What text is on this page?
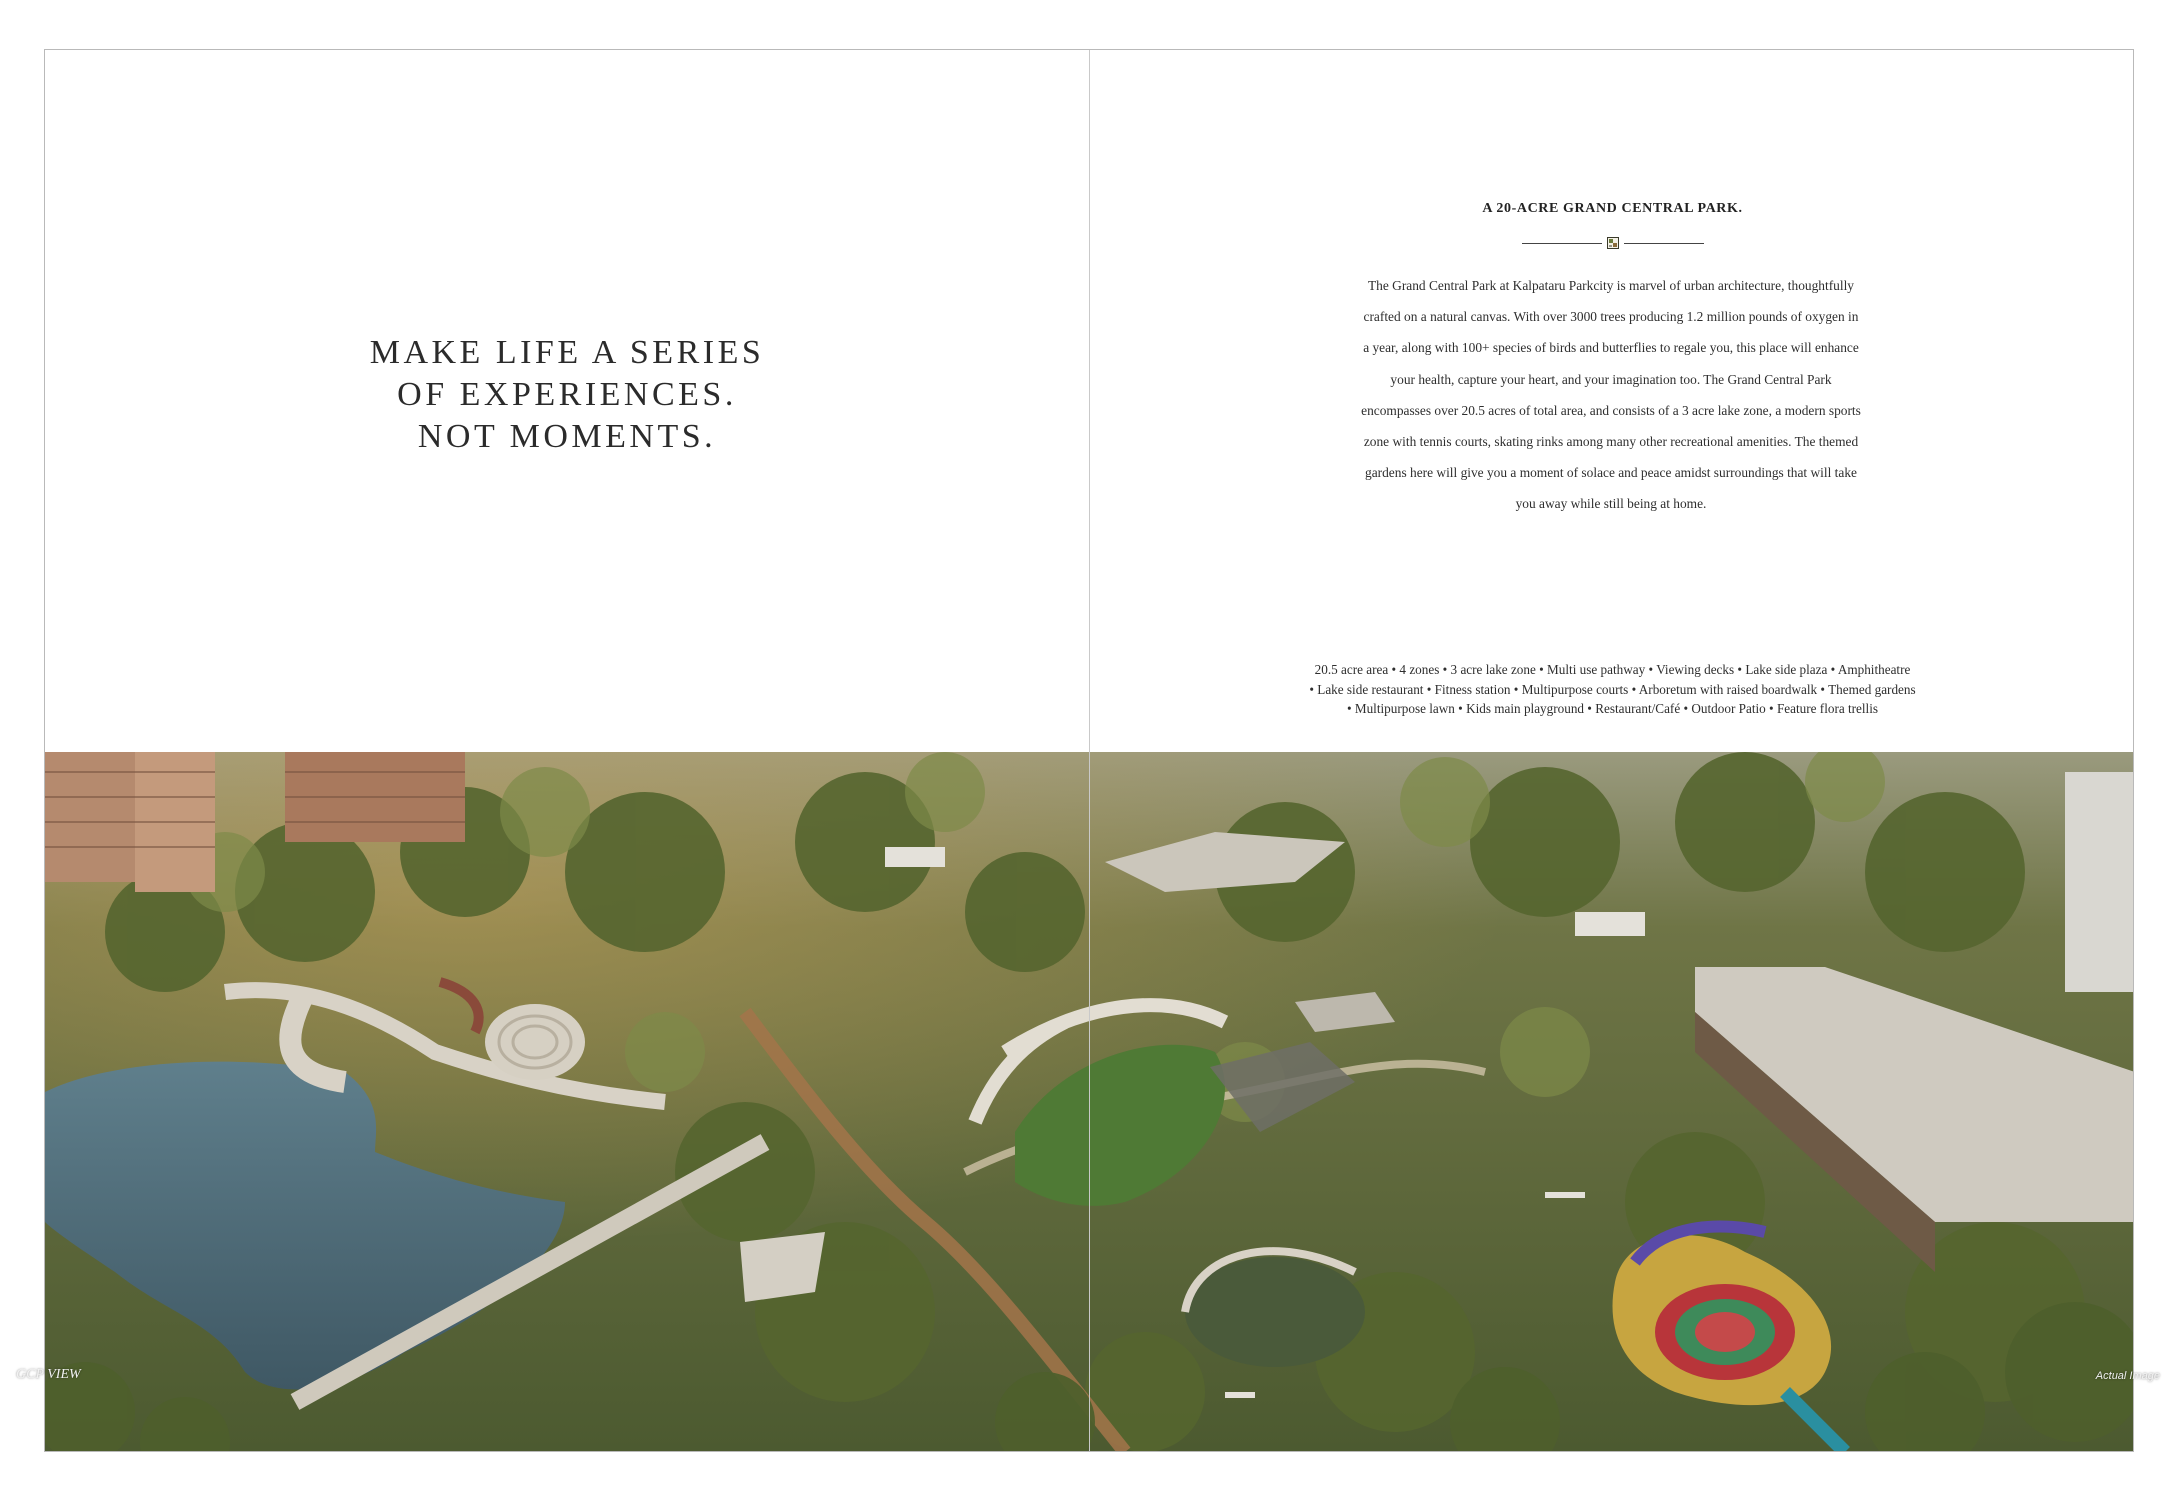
MAKE LIFE A SERIES
OF EXPERIENCES.
NOT MOMENTS.
A 20-ACRE GRAND CENTRAL PARK.
The Grand Central Park at Kalpataru Parkcity is marvel of urban architecture, thoughtfully
crafted on a natural canvas. With over 3000 trees producing 1.2 million pounds of oxygen in
a year, along with 100+ species of birds and butterflies to regale you, this place will enhance
your health, capture your heart, and your imagination too. The Grand Central Park
encompasses over 20.5 acres of total area, and consists of a 3 acre lake zone, a modern sports
zone with tennis courts, skating rinks among many other recreational amenities. The themed
gardens here will give you a moment of solace and peace amidst surroundings that will take
you away while still being at home.
20.5 acre area • 4 zones • 3 acre lake zone • Multi use pathway • Viewing decks • Lake side plaza • Amphitheatre
• Lake side restaurant • Fitness station • Multipurpose courts • Arboretum with raised boardwalk • Themed gardens
• Multipurpose lawn • Kids main playground • Restaurant/Café • Outdoor Patio • Feature flora trellis
GCP VIEW	Actual Image
